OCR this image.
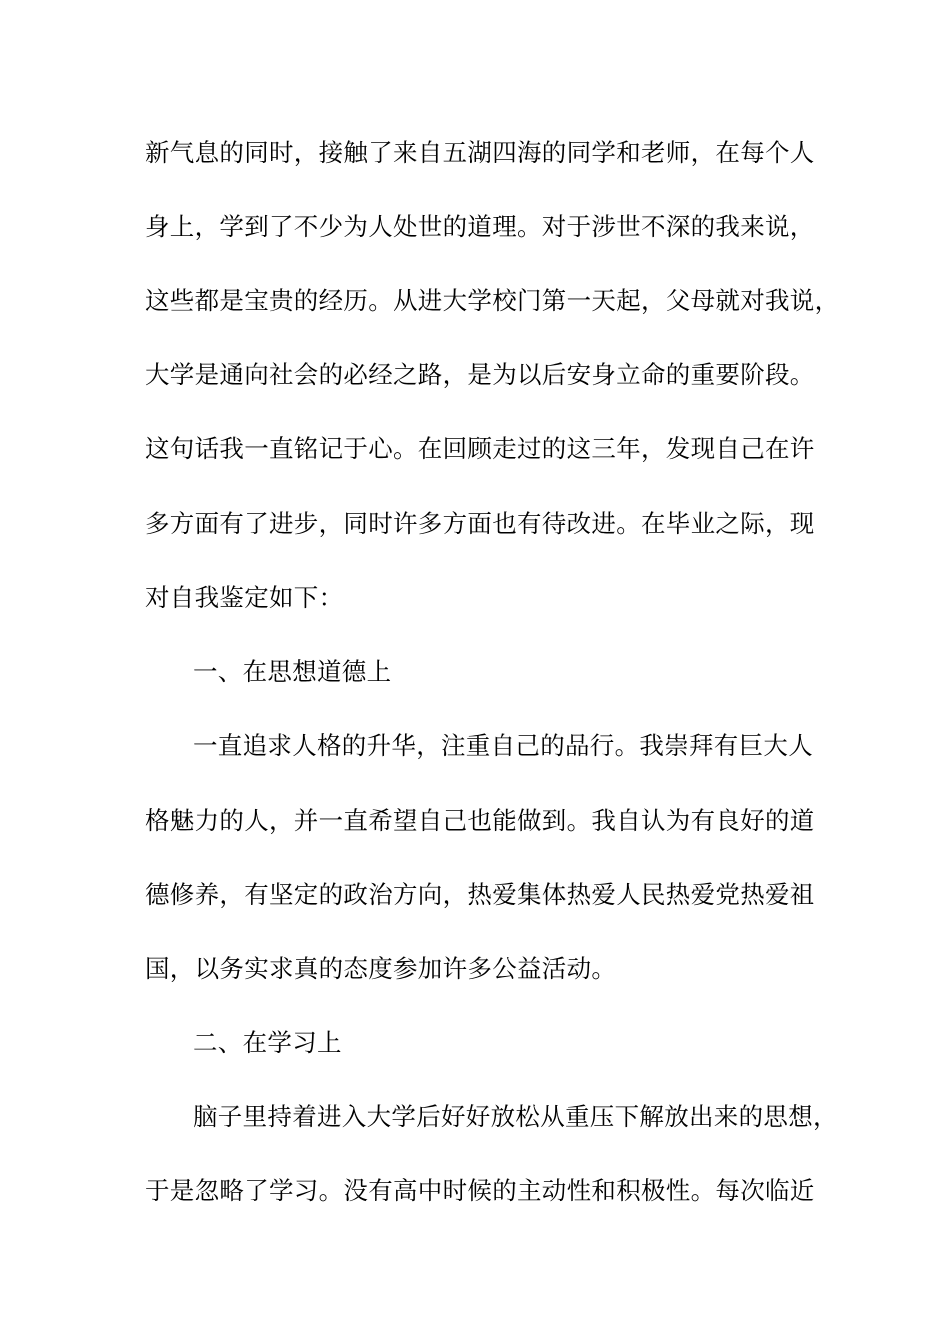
新气息的同时，接触了来自五湖四海的同学和老师，在每个人
身上，学到了不少为人处世的道理。对于涉世不深的我来说，
这些都是宝贵的经历。从进大学校门第一天起，父母就对我说，
大学是通向社会的必经之路，是为以后安身立命的重要阶段。
这句话我一直铭记于心。在回顾走过的这三年，发现自己在许
多方面有了进步，同时许多方面也有待改进。在毕业之际，现
对自我鉴定如下：
一、在思想道德上
一直追求人格的升华，注重自己的品行。我崇拜有巨大人
格魅力的人，并一直希望自己也能做到。我自认为有良好的道
德修养，有坚定的政治方向，热爱集体热爱人民热爱党热爱祖
国，以务实求真的态度参加许多公益活动。
二、在学习上
脑子里持着进入大学后好好放松从重压下解放出来的思想，
于是忽略了学习。没有高中时候的主动性和积极性。每次临近
